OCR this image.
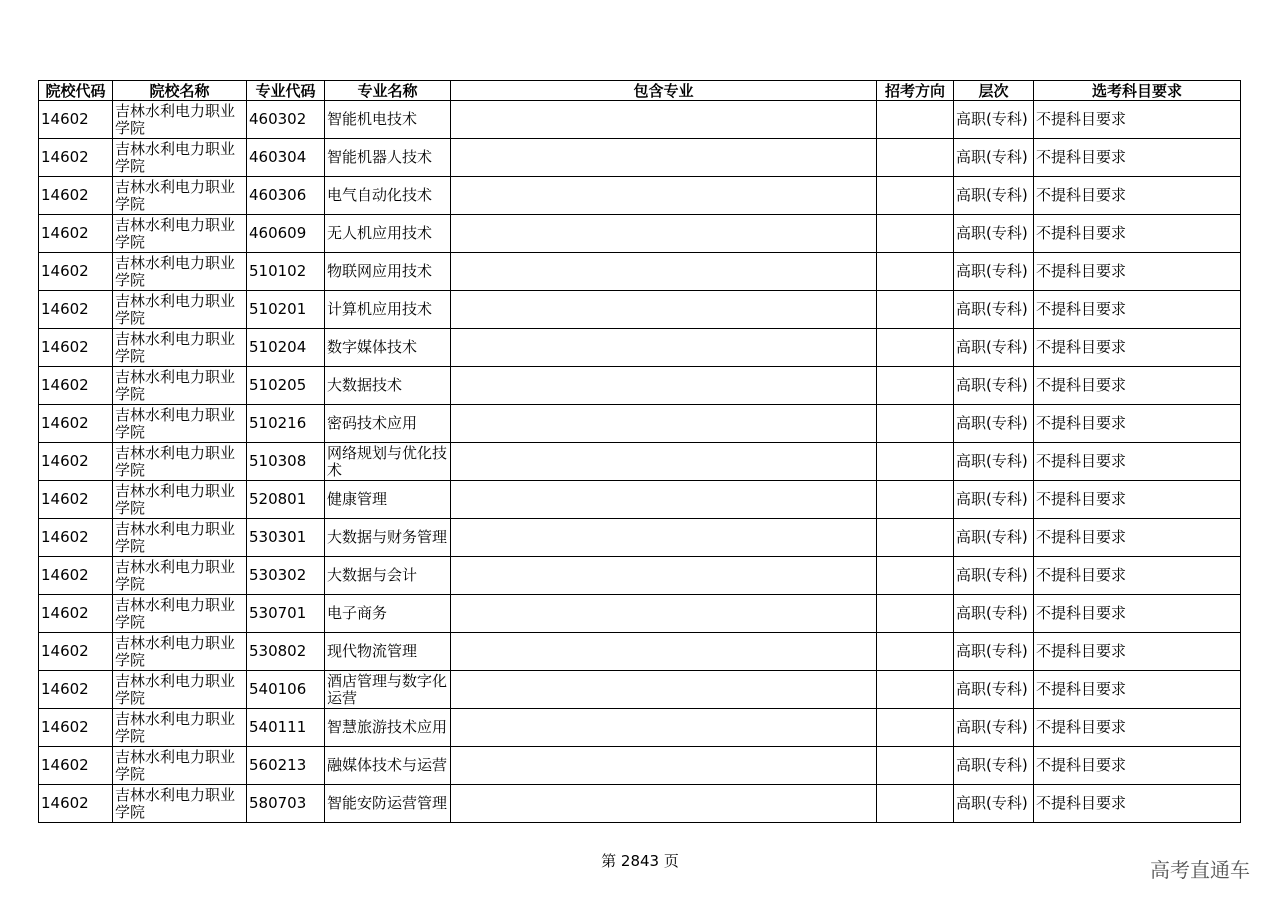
院校代码	院校名称	专业代码	专业名称	包含专业	招考方向	层次	选考科目要求
14602	吉林水利电力职业学院	460302	智能机电技术			高职(专科)	不提科目要求
14602	吉林水利电力职业学院	460304	智能机器人技术			高职(专科)	不提科目要求
14602	吉林水利电力职业学院	460306	电气自动化技术			高职(专科)	不提科目要求
14602	吉林水利电力职业学院	460609	无人机应用技术			高职(专科)	不提科目要求
14602	吉林水利电力职业学院	510102	物联网应用技术			高职(专科)	不提科目要求
14602	吉林水利电力职业学院	510201	计算机应用技术			高职(专科)	不提科目要求
14602	吉林水利电力职业学院	510204	数字媒体技术			高职(专科)	不提科目要求
14602	吉林水利电力职业学院	510205	大数据技术			高职(专科)	不提科目要求
14602	吉林水利电力职业学院	510216	密码技术应用			高职(专科)	不提科目要求
14602	吉林水利电力职业学院	510308	网络规划与优化技术			高职(专科)	不提科目要求
14602	吉林水利电力职业学院	520801	健康管理			高职(专科)	不提科目要求
14602	吉林水利电力职业学院	530301	大数据与财务管理			高职(专科)	不提科目要求
14602	吉林水利电力职业学院	530302	大数据与会计			高职(专科)	不提科目要求
14602	吉林水利电力职业学院	530701	电子商务			高职(专科)	不提科目要求
14602	吉林水利电力职业学院	530802	现代物流管理			高职(专科)	不提科目要求
14602	吉林水利电力职业学院	540106	酒店管理与数字化运营			高职(专科)	不提科目要求
14602	吉林水利电力职业学院	540111	智慧旅游技术应用			高职(专科)	不提科目要求
14602	吉林水利电力职业学院	560213	融媒体技术与运营			高职(专科)	不提科目要求
14602	吉林水利电力职业学院	580703	智能安防运营管理			高职(专科)	不提科目要求
第 2843 页	高考直通车
